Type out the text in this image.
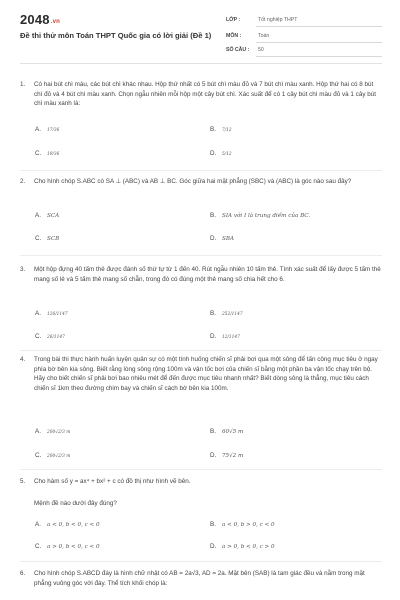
2048.vn
Đề thi thử môn Toán THPT Quốc gia có lời giải (Đề 1)
LỚP :	Tốt nghiệp THPT
MÔN :	Toán
SỐ CÂU : 50
1.	Có hai bút chì màu, các bút chì khác nhau. Hộp thứ nhất có 5 bút chì màu đỏ và 7 bút chì màu xanh. Hộp thứ hai có 8 bút chì đỏ và 4 bút chì màu xanh. Chọn ngẫu nhiên mỗi hộp một cây bút chì. Xác suất để có 1 cây bút chì màu đỏ và 1 cây bút chì màu xanh là:
A. 17/36	B. 7/12
C. 19/36	D. 5/12
2.	Cho hình chóp S.ABC có SA ⊥ (ABC) và AB ⊥ BC. Góc giữa hai mặt phẳng (SBC) và (ABC) là góc nào sau đây?
A. SCA	B. SIA với I là trung điểm của BC.
C. SCB	D. SBA
3.	Một hộp đựng 40 tấm thẻ được đánh số thứ tự từ 1 đến 40. Rút ngẫu nhiên 10 tấm thẻ. Tính xác suất để lấy được 5 tấm thẻ mang số lẻ và 5 tấm thẻ mang số chẵn, trong đó có đúng một thẻ mang số chia hết cho 6.
A. 126/1147	B. 252/1147
C. 26/1147	D. 12/1147
4.	Trong bài thi thực hành huấn luyện quân sự có một tình huống chiến sĩ phải bơi qua một sông để tấn công mục tiêu ở ngay phía bờ bên kia sông. Biết rằng lòng sông rộng 100m và vận tốc bơi của chiến sĩ bằng một phần ba vận tốc chạy trên bộ. Hãy cho biết chiến sĩ phải bơi bao nhiêu mét để đến được mục tiêu nhanh nhất? Biết dòng sông là thẳng, mục tiêu cách chiến sĩ 1km theo đường chim bay và chiến sĩ cách bờ bên kia 100m.
A. 200√2/3 m	B. 60√5 m
C. 200√2/3 m	D. 75√2 m
5.	Cho hàm số y = ax⁴ + bx² + c có đồ thị như hình vẽ bên.
Mệnh đề nào dưới đây đúng?
A. a < 0, b < 0, c < 0	B. a < 0, b > 0, c < 0
C. a > 0, b < 0, c < 0	D. a > 0, b < 0, c > 0
6.	Cho hình chóp S.ABCD đáy là hình chữ nhật có AB = 2a√3, AD = 2a. Mặt bên (SAB) là tam giác đều và nằm trong mặt phẳng vuông góc với đáy. Thể tích khối chóp là:
